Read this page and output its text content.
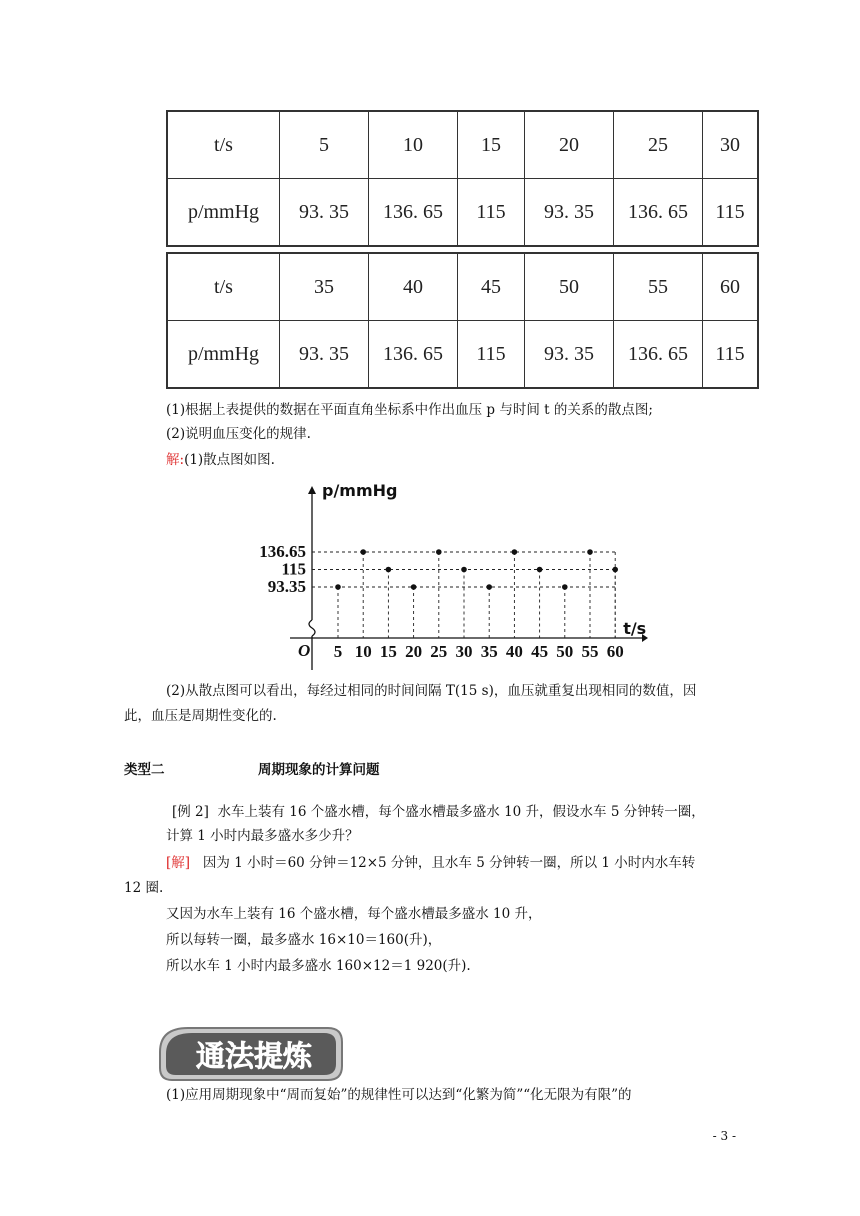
t/s	5	10	15	20	25	30
p/mmHg	93. 35	136. 65	115	93. 35	136. 65	115
t/s	35	40	45	50	55	60
p/mmHg	93. 35	136. 65	115	93. 35	136. 65	115
(1)根据上表提供的数据在平面直角坐标系中作出血压 p 与时间 t 的关系的散点图;
(2)说明血压变化的规律.
解:(1)散点图如图.
136.65
115
93.35
5 10 15 20 25 30 35 40 45 50 55 60
O
p/mmHg
t/s
(2)从散点图可以看出，每经过相同的时间间隔 T(15 s)，血压就重复出现相同的数值，因
此，血压是周期性变化的.
类型二	周期现象的计算问题
[例 2] 水车上装有 16 个盛水槽，每个盛水槽最多盛水 10 升，假设水车 5 分钟转一圈，
计算 1 小时内最多盛水多少升？
[解] 因为 1 小时＝60 分钟＝12×5 分钟，且水车 5 分钟转一圈，所以 1 小时内水车转
12 圈.
又因为水车上装有 16 个盛水槽，每个盛水槽最多盛水 10 升，
所以每转一圈，最多盛水 16×10＝160(升)，
所以水车 1 小时内最多盛水 160×12＝1 920(升).
通法提炼
(1)应用周期现象中“周而复始”的规律性可以达到“化繁为简”“化无限为有限”的
- 3 -
